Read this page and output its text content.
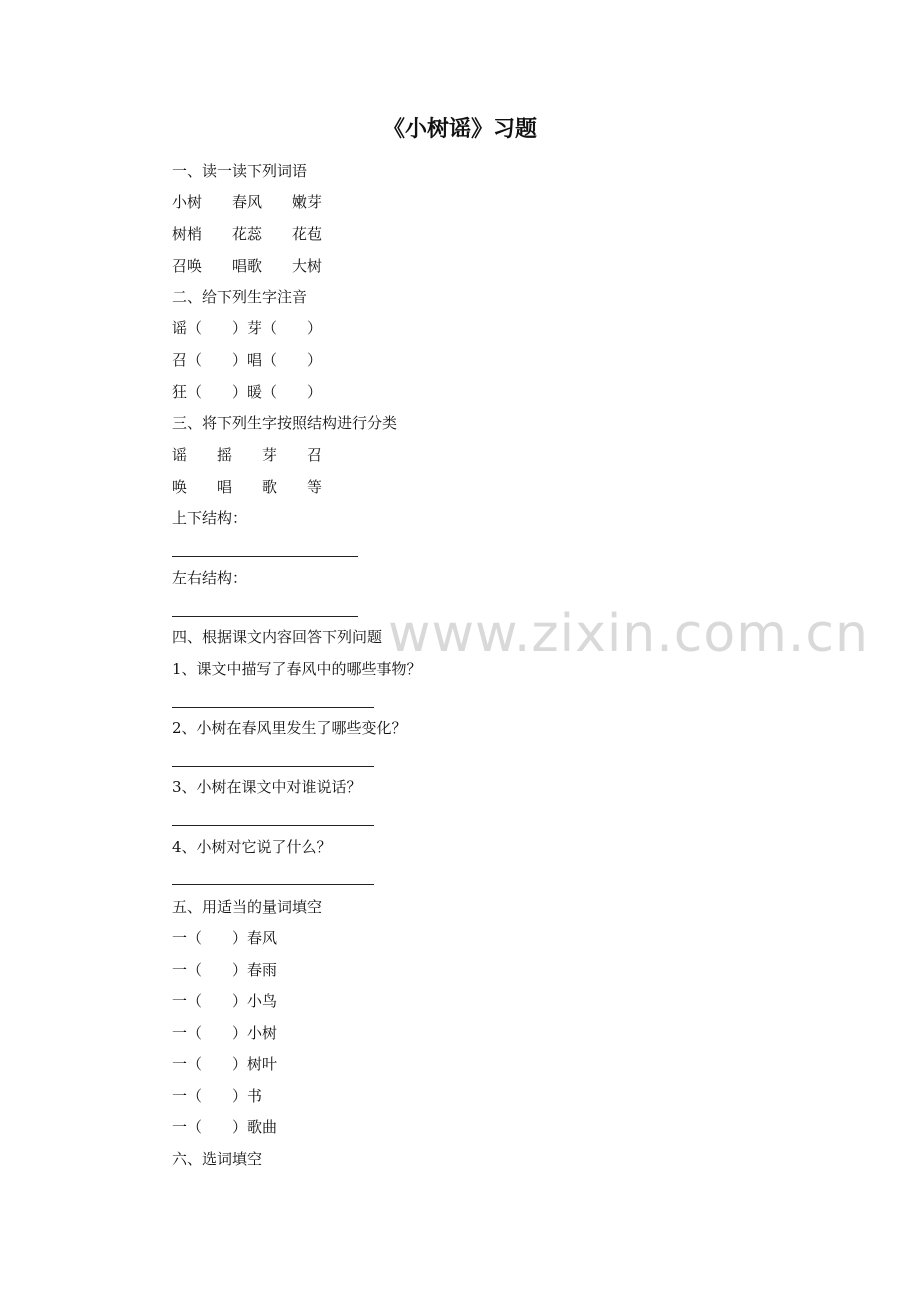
www.zixin.com.cn
《小树谣》习题
一、读一读下列词语
小树　　春风　　嫩芽
树梢　　花蕊　　花苞
召唤　　唱歌　　大树
二、给下列生字注音
谣（　　）芽（　　）
召（　　）唱（　　）
狂（　　）暖（　　）
三、将下列生字按照结构进行分类
谣　　摇　　芽　　召
唤　　唱　　歌　　等
上下结构：
左右结构：
四、根据课文内容回答下列问题
1、课文中描写了春风中的哪些事物？
2、小树在春风里发生了哪些变化？
3、小树在课文中对谁说话？
4、小树对它说了什么？
五、用适当的量词填空
一（　　）春风
一（　　）春雨
一（　　）小鸟
一（　　）小树
一（　　）树叶
一（　　）书
一（　　）歌曲
六、选词填空
